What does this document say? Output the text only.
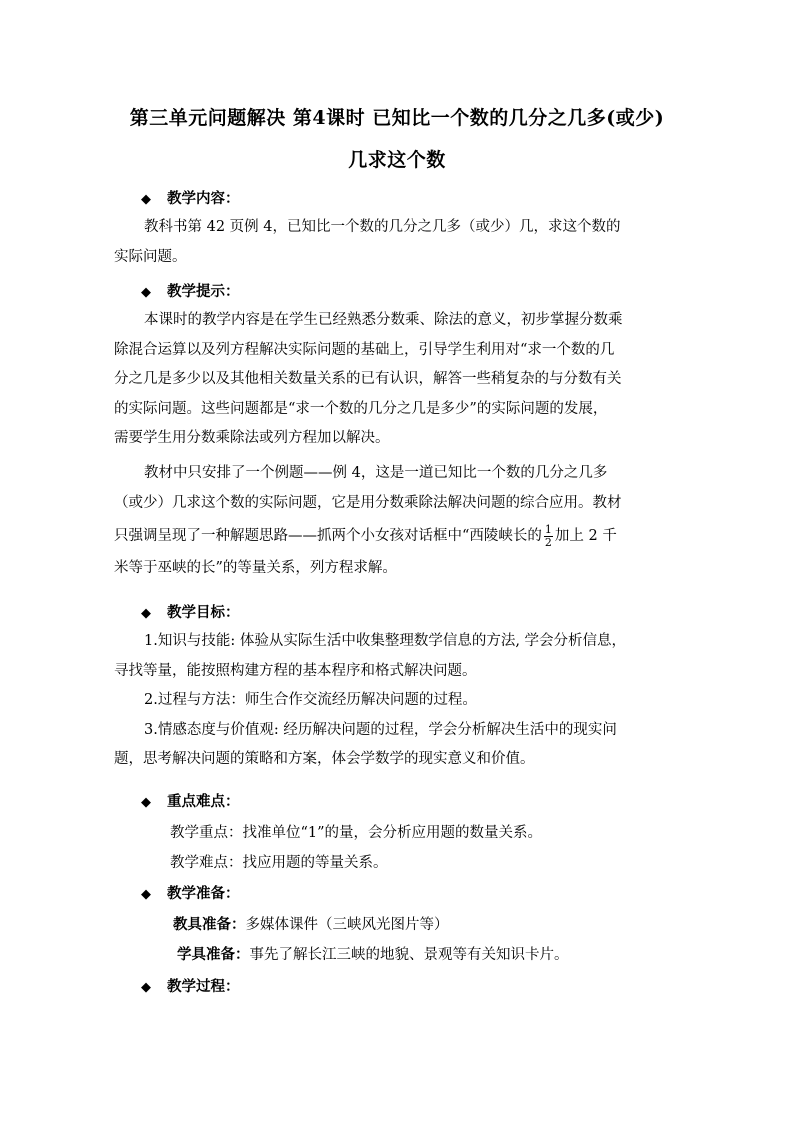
第三单元问题解决 第4课时 已知比一个数的几分之几多(或少)
几求这个数
◆ 教学内容：
教科书第 42 页例 4，已知比一个数的几分之几多（或少）几，求这个数的
实际问题。
◆ 教学提示：
本课时的教学内容是在学生已经熟悉分数乘、除法的意义，初步掌握分数乘
除混合运算以及列方程解决实际问题的基础上，引导学生利用对“求一个数的几
分之几是多少以及其他相关数量关系的已有认识，解答一些稍复杂的与分数有关
的实际问题。这些问题都是“求一个数的几分之几是多少”的实际问题的发展，
需要学生用分数乘除法或列方程加以解决。
教材中只安排了一个例题——例 4，这是一道已知比一个数的几分之几多
（或少）几求这个数的实际问题，它是用分数乘除法解决问题的综合应用。教材
只强调呈现了一种解题思路——抓两个小女孩对话框中“西陵峡长的 $\frac{1}{2}$ 加上 2 千
米等于巫峡的长”的等量关系，列方程求解。
◆ 教学目标：
1.知识与技能: 体验从实际生活中收集整理数学信息的方法, 学会分析信息，
寻找等量，能按照构建方程的基本程序和格式解决问题。
2.过程与方法：师生合作交流经历解决问题的过程。
3.情感态度与价值观: 经历解决问题的过程，学会分析解决生活中的现实问
题，思考解决问题的策略和方案，体会学数学的现实意义和价值。
◆ 重点难点：
教学重点：找准单位“1”的量，会分析应用题的数量关系。
教学难点：找应用题的等量关系。
◆ 教学准备：
教具准备：多媒体课件（三峡风光图片等）
学具准备：事先了解长江三峡的地貌、景观等有关知识卡片。
◆ 教学过程：
